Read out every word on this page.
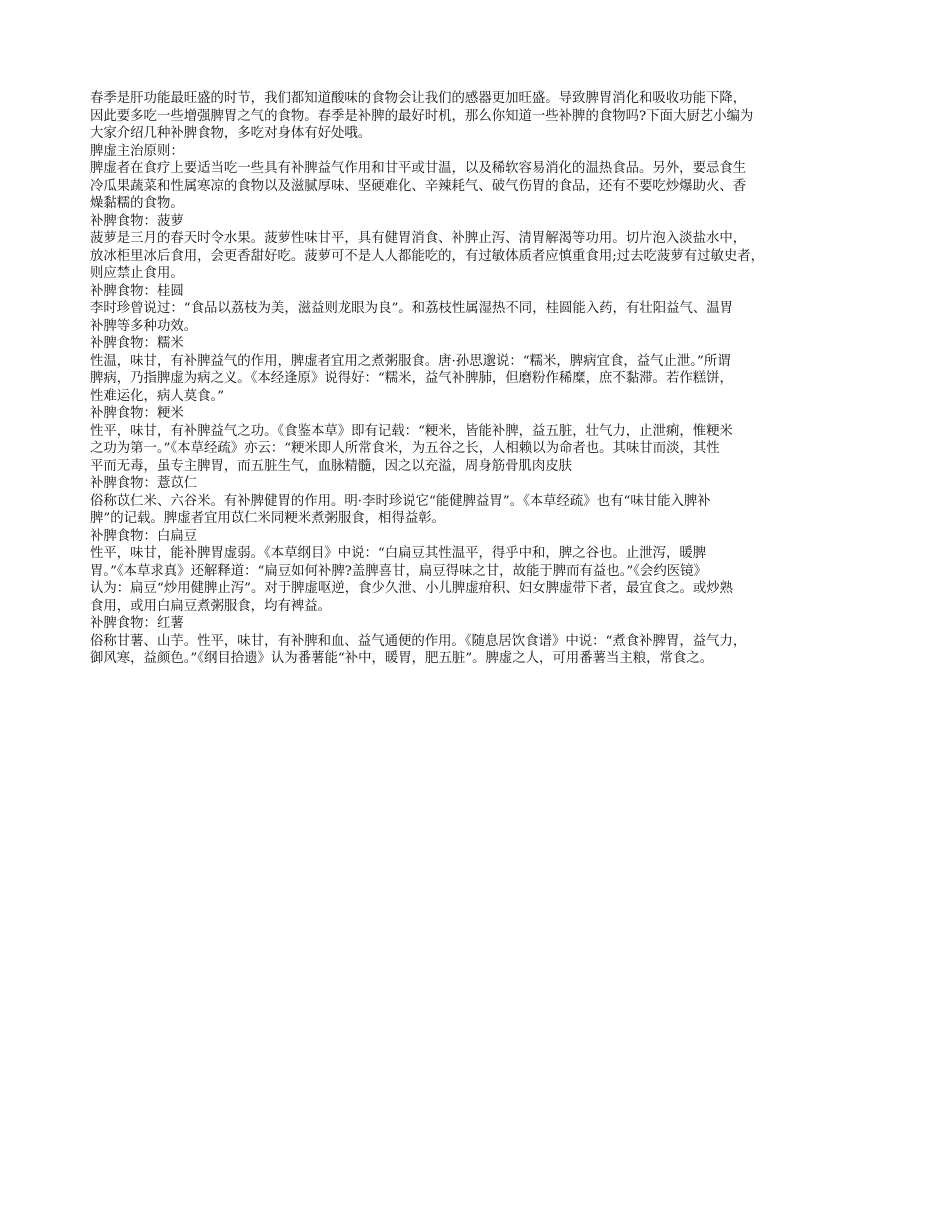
春季是肝功能最旺盛的时节，我们都知道酸味的食物会让我们的感器更加旺盛。导致脾胃消化和吸收功能下降，
因此要多吃一些增强脾胃之气的食物。春季是补脾的最好时机，那么你知道一些补脾的食物吗?下面大厨艺小编为
大家介绍几种补脾食物，多吃对身体有好处哦。
脾虚主治原则：
脾虚者在食疗上要适当吃一些具有补脾益气作用和甘平或甘温，以及稀软容易消化的温热食品。另外，要忌食生
冷瓜果蔬菜和性属寒凉的食物以及滋腻厚味、坚硬难化、辛辣耗气、破气伤胃的食品，还有不要吃炒爆助火、香
燥黏糯的食物。
补脾食物：菠萝
菠萝是三月的春天时令水果。菠萝性味甘平，具有健胃消食、补脾止泻、清胃解渴等功用。切片泡入淡盐水中，
放冰柜里冰后食用，会更香甜好吃。菠萝可不是人人都能吃的，有过敏体质者应慎重食用;过去吃菠萝有过敏史者，
则应禁止食用。
补脾食物：桂圆
李时珍曾说过：“食品以荔枝为美，滋益则龙眼为良”。和荔枝性属湿热不同，桂圆能入药，有壮阳益气、温胃
补脾等多种功效。
补脾食物：糯米
性温，味甘，有补脾益气的作用，脾虚者宜用之煮粥服食。唐·孙思邈说：“糯米，脾病宜食，益气止泄。”所谓
脾病，乃指脾虚为病之义。《本经逢原》说得好：“糯米，益气补脾肺，但磨粉作稀糜，庶不黏滞。若作糕饼，
性难运化，病人莫食。”
补脾食物：粳米
性平，味甘，有补脾益气之功。《食鉴本草》即有记载：“粳米，皆能补脾，益五脏，壮气力，止泄痢，惟粳米
之功为第一。”《本草经疏》亦云：“粳米即人所常食米，为五谷之长，人相赖以为命者也。其味甘而淡，其性
平而无毒，虽专主脾胃，而五脏生气，血脉精髓，因之以充溢，周身筋骨肌肉皮肤
补脾食物：薏苡仁
俗称苡仁米、六谷米。有补脾健胃的作用。明·李时珍说它“能健脾益胃”。《本草经疏》也有“味甘能入脾补
脾”的记载。脾虚者宜用苡仁米同粳米煮粥服食，相得益彰。
补脾食物：白扁豆
性平，味甘，能补脾胃虚弱。《本草纲目》中说：“白扁豆其性温平，得乎中和，脾之谷也。止泄泻，暖脾
胃。”《本草求真》还解释道：“扁豆如何补脾?盖脾喜甘，扁豆得味之甘，故能于脾而有益也。”《会约医镜》
认为：扁豆“炒用健脾止泻”。对于脾虚呕逆，食少久泄、小儿脾虚疳积、妇女脾虚带下者，最宜食之。或炒熟
食用，或用白扁豆煮粥服食，均有裨益。
补脾食物：红薯
俗称甘薯、山芋。性平，味甘，有补脾和血、益气通便的作用。《随息居饮食谱》中说：“煮食补脾胃，益气力，
御风寒，益颜色。”《纲目拾遗》认为番薯能“补中，暖胃，肥五脏”。脾虚之人，可用番薯当主粮，常食之。
